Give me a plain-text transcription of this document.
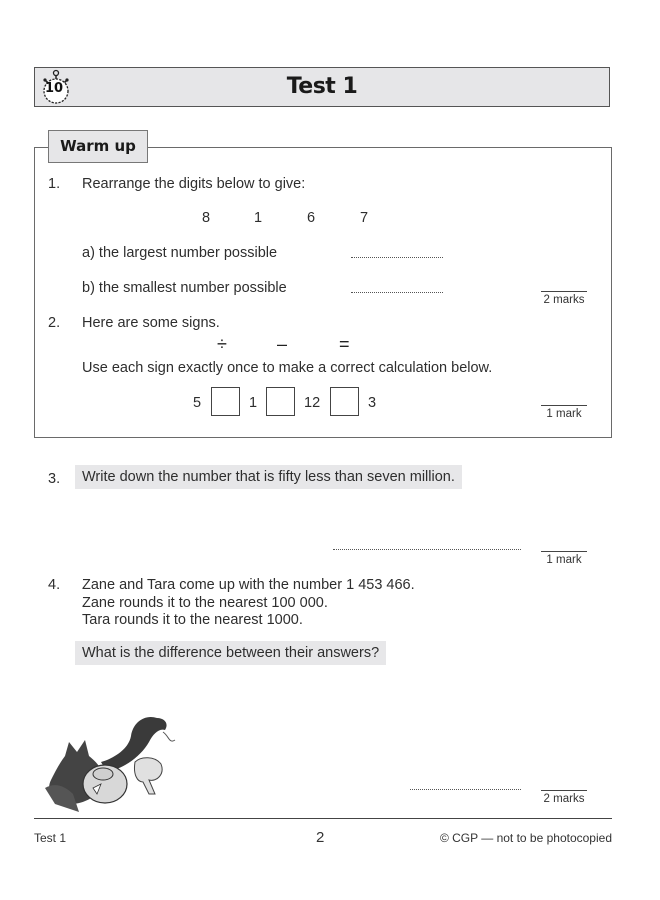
10	Test 1
Warm up
1. Rearrange the digits below to give:
8	1	6	7
a) the largest number possible
b) the smallest number possible
2 marks
2. Here are some signs.
÷	–	=
Use each sign exactly once to make a correct calculation below.
5	1	12	3
1 mark
3.	Write down the number that is fifty less than seven million.
1 mark
4. Zane and Tara come up with the number 1 453 466.
Zane rounds it to the nearest 100 000.
Tara rounds it to the nearest 1000.
What is the difference between their answers?
2 marks
Test 1	2	© CGP — not to be photocopied
